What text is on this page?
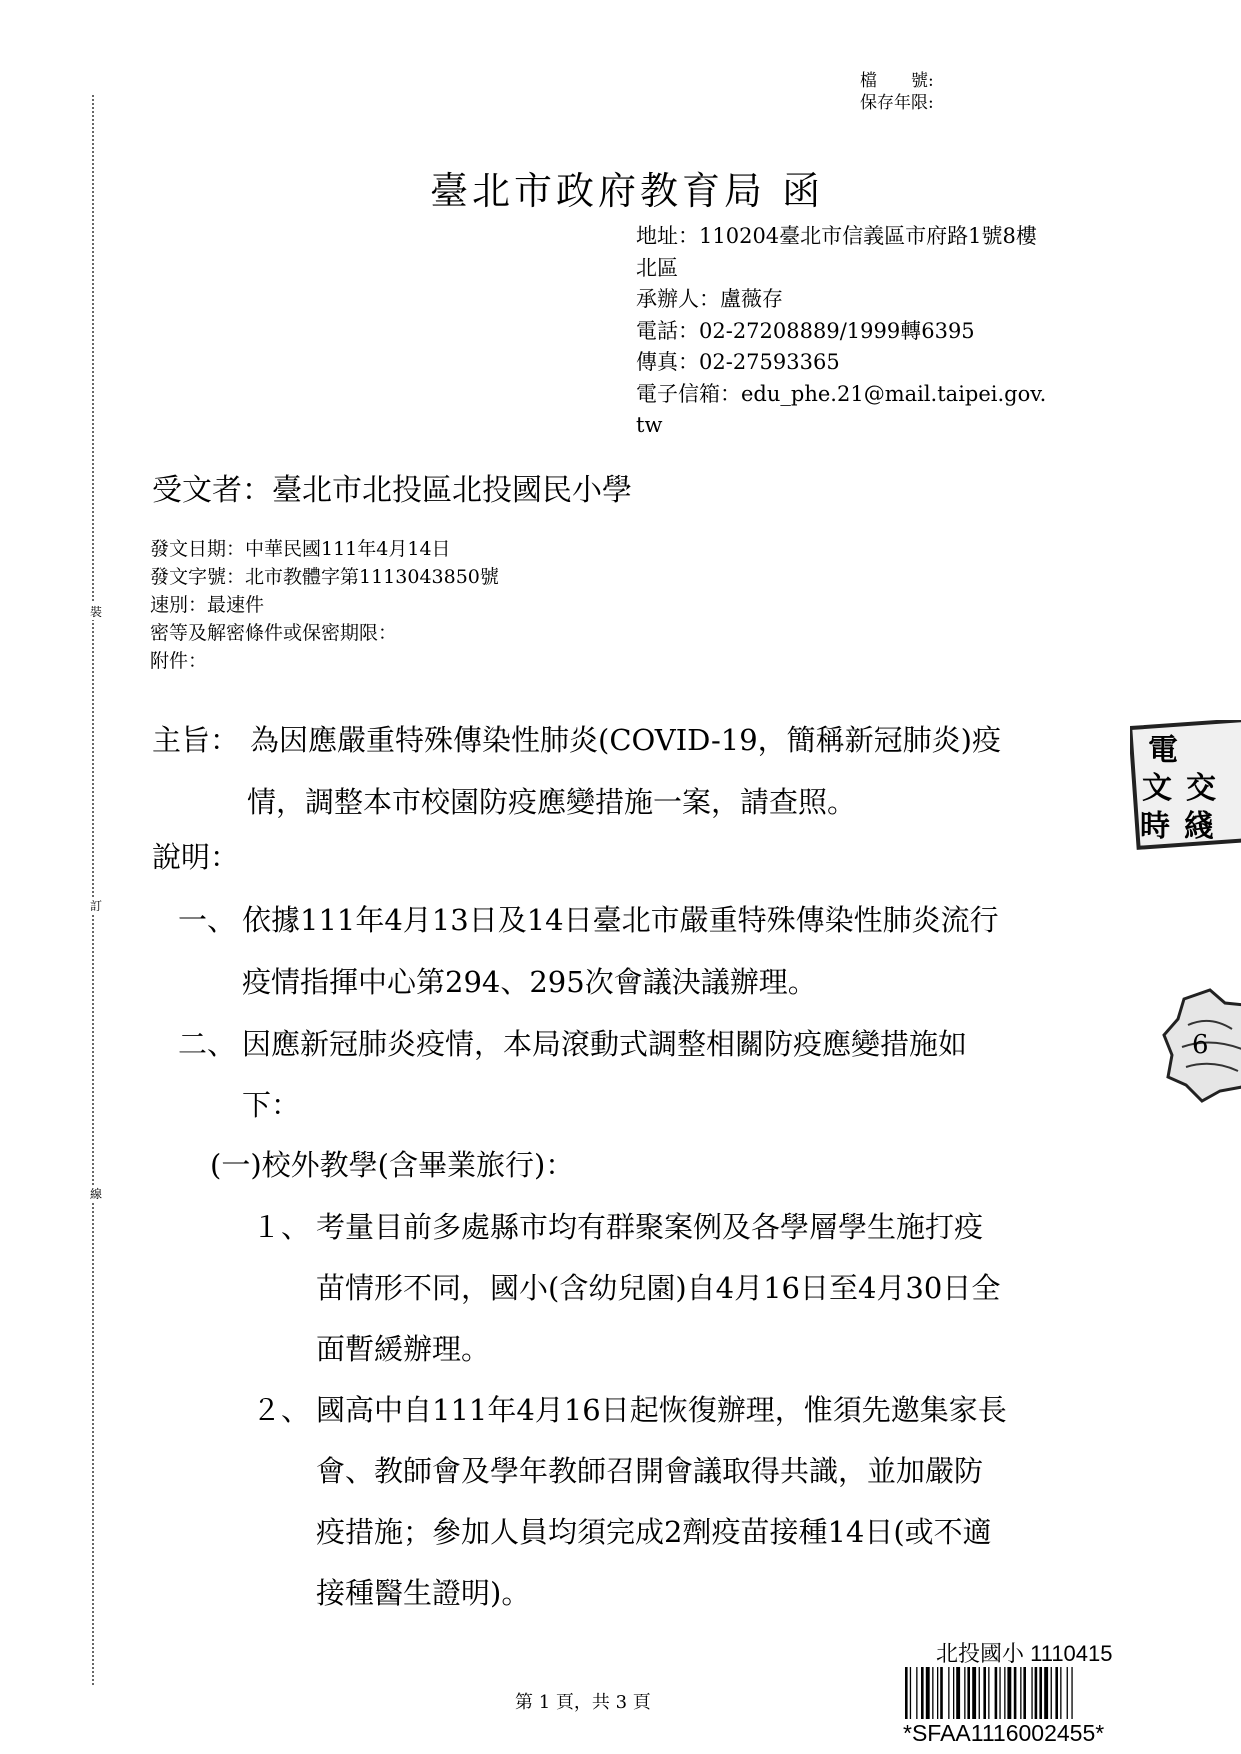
裝
訂
線
檔　　號:
保存年限:
臺北市政府教育局 函
地址：110204臺北市信義區市府路1號8樓
北區
承辦人：盧薇存
電話：02-27208889/1999轉6395
傳真：02-27593365
電子信箱：edu_phe.21@mail.taipei.gov.
tw
受文者：臺北市北投區北投國民小學
發文日期：中華民國111年4月14日
發文字號：北市教體字第1113043850號
速別：最速件
密等及解密條件或保密期限：
附件：
主旨： 為因應嚴重特殊傳染性肺炎(COVID-19，簡稱新冠肺炎)疫
情，調整本市校園防疫應變措施一案，請查照。
說明：
一、 依據111年4月13日及14日臺北市嚴重特殊傳染性肺炎流行
疫情指揮中心第294、295次會議決議辦理。
二、 因應新冠肺炎疫情，本局滾動式調整相關防疫應變措施如
下：
(一)校外教學(含畢業旅行)：
１、 考量目前多處縣市均有群聚案例及各學層學生施打疫
苗情形不同，國小(含幼兒園)自4月16日至4月30日全
面暫緩辦理。
２、 國高中自111年4月16日起恢復辦理，惟須先邀集家長
會、教師會及學年教師召開會議取得共識，並加嚴防
疫措施；參加人員均須完成2劑疫苗接種14日(或不適
接種醫生證明)。
電
文 交
時 綫
6
第 1 頁，共 3 頁
北投國小 1110415
*SFAA1116002455*
